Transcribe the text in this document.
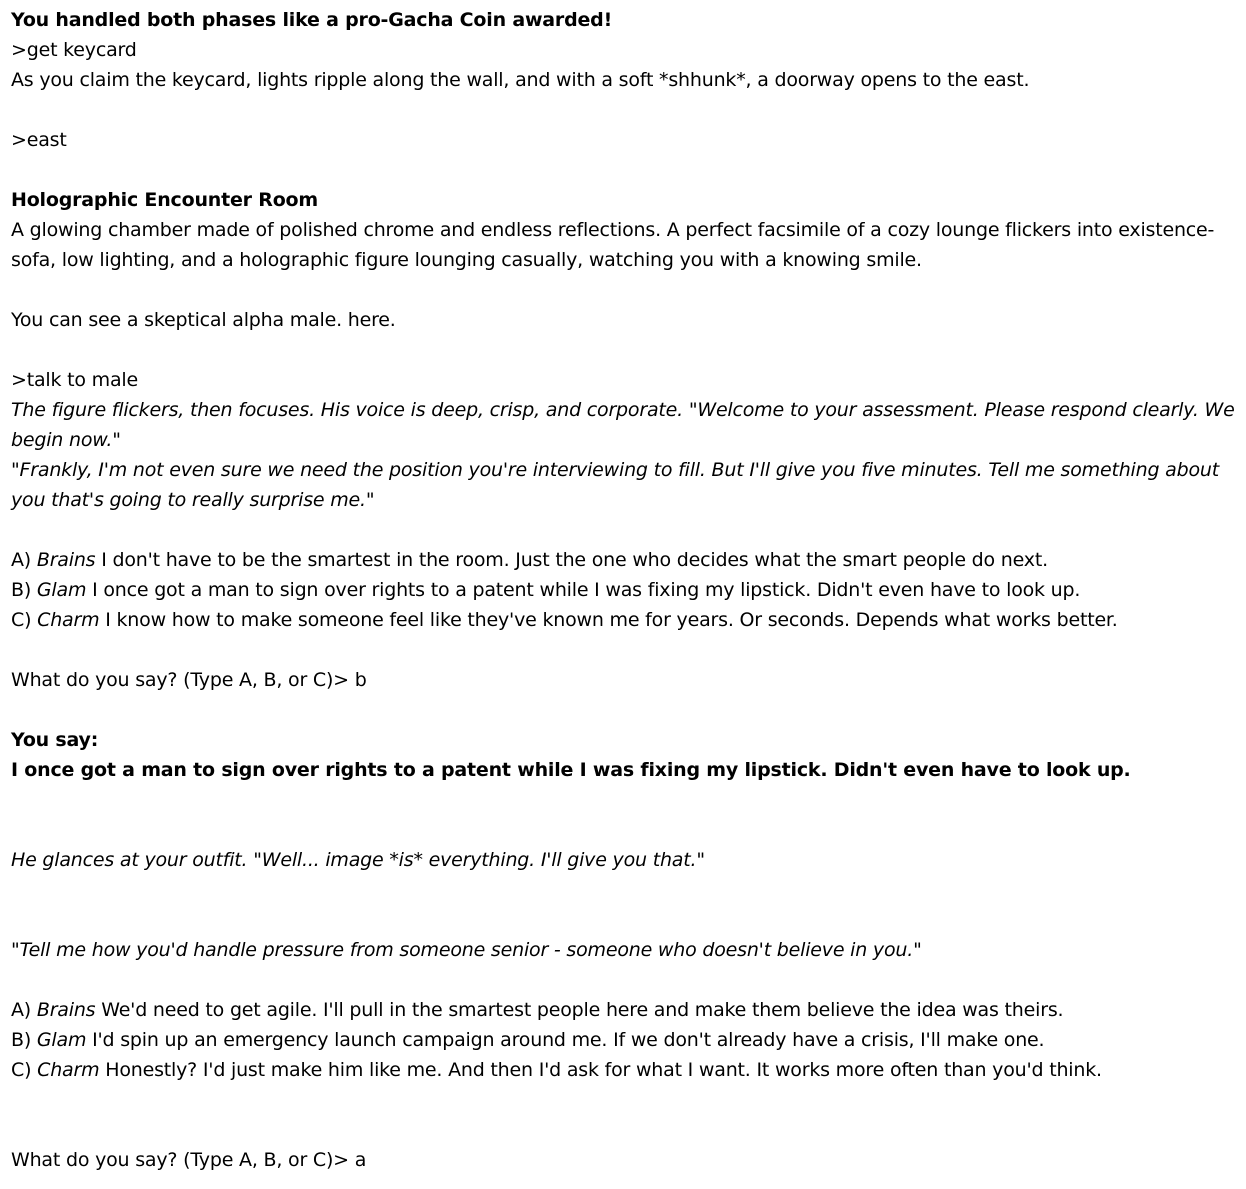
You handled both phases like a pro-Gacha Coin awarded!
>get keycard
As you claim the keycard, lights ripple along the wall, and with a soft *shhunk*, a doorway opens to the east.
>east
Holographic Encounter Room
A glowing chamber made of polished chrome and endless reflections. A perfect facsimile of a cozy lounge flickers into existence-sofa, low lighting, and a holographic figure lounging casually, watching you with a knowing smile.
You can see a skeptical alpha male. here.
>talk to male
The figure flickers, then focuses. His voice is deep, crisp, and corporate. "Welcome to your assessment. Please respond clearly. We begin now."
"Frankly, I'm not even sure we need the position you're interviewing to fill. But I'll give you five minutes. Tell me something about you that's going to really surprise me."
A) Brains I don't have to be the smartest in the room. Just the one who decides what the smart people do next.
B) Glam I once got a man to sign over rights to a patent while I was fixing my lipstick. Didn't even have to look up.
C) Charm I know how to make someone feel like they've known me for years. Or seconds. Depends what works better.
What do you say? (Type A, B, or C)> b
You say:
I once got a man to sign over rights to a patent while I was fixing my lipstick. Didn't even have to look up.
He glances at your outfit. "Well... image *is* everything. I'll give you that."
"Tell me how you'd handle pressure from someone senior - someone who doesn't believe in you."
A) Brains We'd need to get agile. I'll pull in the smartest people here and make them believe the idea was theirs.
B) Glam I'd spin up an emergency launch campaign around me. If we don't already have a crisis, I'll make one.
C) Charm Honestly? I'd just make him like me. And then I'd ask for what I want. It works more often than you'd think.
What do you say? (Type A, B, or C)> a
